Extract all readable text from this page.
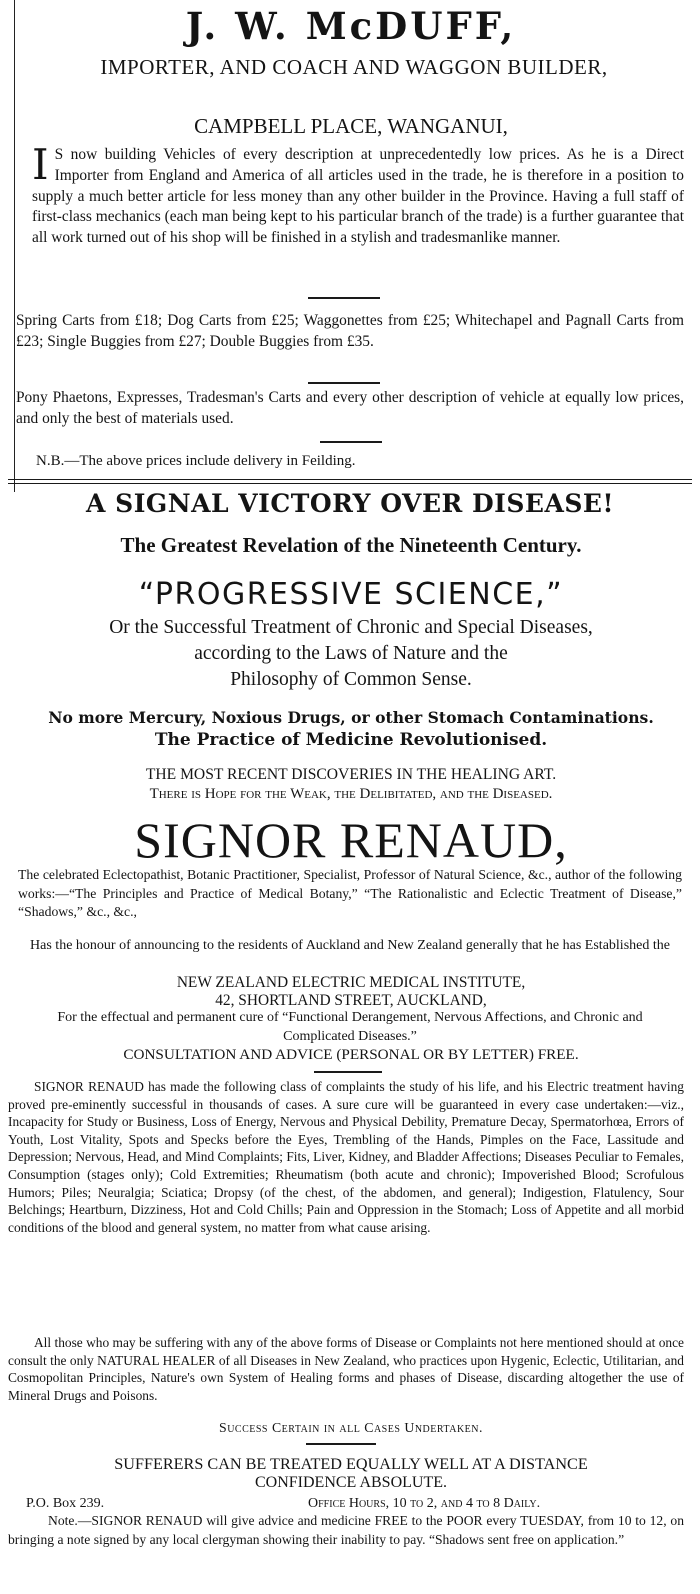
J. W. McDUFF,
IMPORTER, AND COACH AND WAGGON BUILDER,
CAMPBELL PLACE, WANGANUI,
I S now building Vehicles of every description at unprecedentedly low prices. As he is a Direct Importer from England and America of all articles used in the trade, he is therefore in a position to supply a much better article for less money than any other builder in the Province. Having a full staff of first-class mechanics (each man being kept to his particular branch of the trade) is a further guarantee that all work turned out of his shop will be finished in a stylish and tradesmanlike manner.
Spring Carts from £18; Dog Carts from £25; Waggonettes from £25; Whitechapel and Pagnall Carts from £23; Single Buggies from £27; Double Buggies from £35.
Pony Phaetons, Expresses, Tradesman's Carts and every other description of vehicle at equally low prices, and only the best of materials used.
N.B.—The above prices include delivery in Feilding.
A SIGNAL VICTORY OVER DISEASE!
The Greatest Revelation of the Nineteenth Century.
“PROGRESSIVE SCIENCE,”
Or the Successful Treatment of Chronic and Special Diseases,
according to the Laws of Nature and the
Philosophy of Common Sense.
No more Mercury, Noxious Drugs, or other Stomach Contaminations.
The Practice of Medicine Revolutionised.
THE MOST RECENT DISCOVERIES IN THE HEALING ART.
There is Hope for the Weak, the Delibitated, and the Diseased.
SIGNOR RENAUD,
The celebrated Eclectopathist, Botanic Practitioner, Specialist, Professor of Natural Science, &c., author of the following works:—“The Principles and Practice of Medical Botany,” “The Rationalistic and Eclectic Treatment of Disease,” “Shadows,” &c., &c.,
Has the honour of announcing to the residents of Auckland and New Zealand generally that he has Established the
NEW ZEALAND ELECTRIC MEDICAL INSTITUTE,
42, SHORTLAND STREET, AUCKLAND,
For the effectual and permanent cure of “Functional Derangement, Nervous Affections, and Chronic and Complicated Diseases.”
CONSULTATION AND ADVICE (PERSONAL OR BY LETTER) FREE.
SIGNOR RENAUD has made the following class of complaints the study of his life, and his Electric treatment having proved pre-eminently successful in thousands of cases. A sure cure will be guaranteed in every case undertaken:—viz., Incapacity for Study or Business, Loss of Energy, Nervous and Physical Debility, Premature Decay, Spermatorhœa, Errors of Youth, Lost Vitality, Spots and Specks before the Eyes, Trembling of the Hands, Pimples on the Face, Lassitude and Depression; Nervous, Head, and Mind Complaints; Fits, Liver, Kidney, and Bladder Affections; Diseases Peculiar to Females, Consumption (stages only); Cold Extremities; Rheumatism (both acute and chronic); Impoverished Blood; Scrofulous Humors; Piles; Neuralgia; Sciatica; Dropsy (of the chest, of the abdomen, and general); Indigestion, Flatulency, Sour Belchings; Heartburn, Dizziness, Hot and Cold Chills; Pain and Oppression in the Stomach; Loss of Appetite and all morbid conditions of the blood and general system, no matter from what cause arising.
All those who may be suffering with any of the above forms of Disease or Complaints not here mentioned should at once consult the only NATURAL HEALER of all Diseases in New Zealand, who practices upon Hygenic, Eclectic, Utilitarian, and Cosmopolitan Principles, Nature's own System of Healing forms and phases of Disease, discarding altogether the use of Mineral Drugs and Poisons.
Success Certain in all Cases Undertaken.
SUFFERERS CAN BE TREATED EQUALLY WELL AT A DISTANCE
CONFIDENCE ABSOLUTE.
P.O. Box 239.	Office Hours, 10 to 2, and 4 to 8 Daily.
Note.—SIGNOR RENAUD will give advice and medicine FREE to the POOR every TUESDAY, from 10 to 12, on bringing a note signed by any local clergyman showing their inability to pay. “Shadows sent free on application.”
